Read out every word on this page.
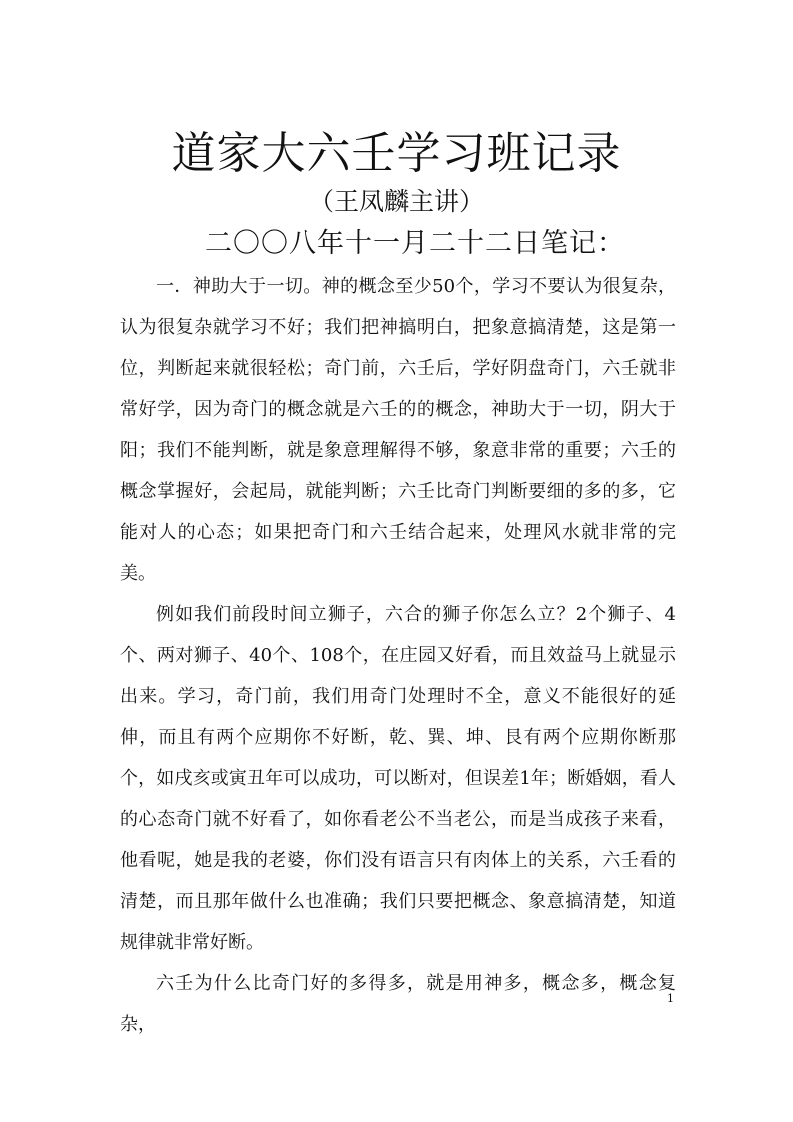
道家大六壬学习班记录

（王凤麟主讲）

二〇〇八年十一月二十二日笔记：

一．神助大于一切。神的概念至少50个，学习不要认为很复杂，认为很复杂就学习不好；我们把神搞明白，把象意搞清楚，这是第一位，判断起来就很轻松；奇门前，六壬后，学好阴盘奇门，六壬就非常好学，因为奇门的概念就是六壬的的概念，神助大于一切，阴大于阳；我们不能判断，就是象意理解得不够，象意非常的重要；六壬的概念掌握好，会起局，就能判断；六壬比奇门判断要细的多的多，它能对人的心态；如果把奇门和六壬结合起来，处理风水就非常的完美。

例如我们前段时间立狮子，六合的狮子你怎么立？2个狮子、4个、两对狮子、40个、108个，在庄园又好看，而且效益马上就显示出来。学习，奇门前，我们用奇门处理时不全，意义不能很好的延伸，而且有两个应期你不好断，乾、巽、坤、艮有两个应期你断那个，如戌亥或寅丑年可以成功，可以断对，但误差1年；断婚姻，看人的心态奇门就不好看了，如你看老公不当老公，而是当成孩子来看，他看呢，她是我的老婆，你们没有语言只有肉体上的关系，六壬看的清楚，而且那年做什么也准确；我们只要把概念、象意搞清楚，知道规律就非常好断。

六壬为什么比奇门好的多得多，就是用神多，概念多，概念复杂，

1
